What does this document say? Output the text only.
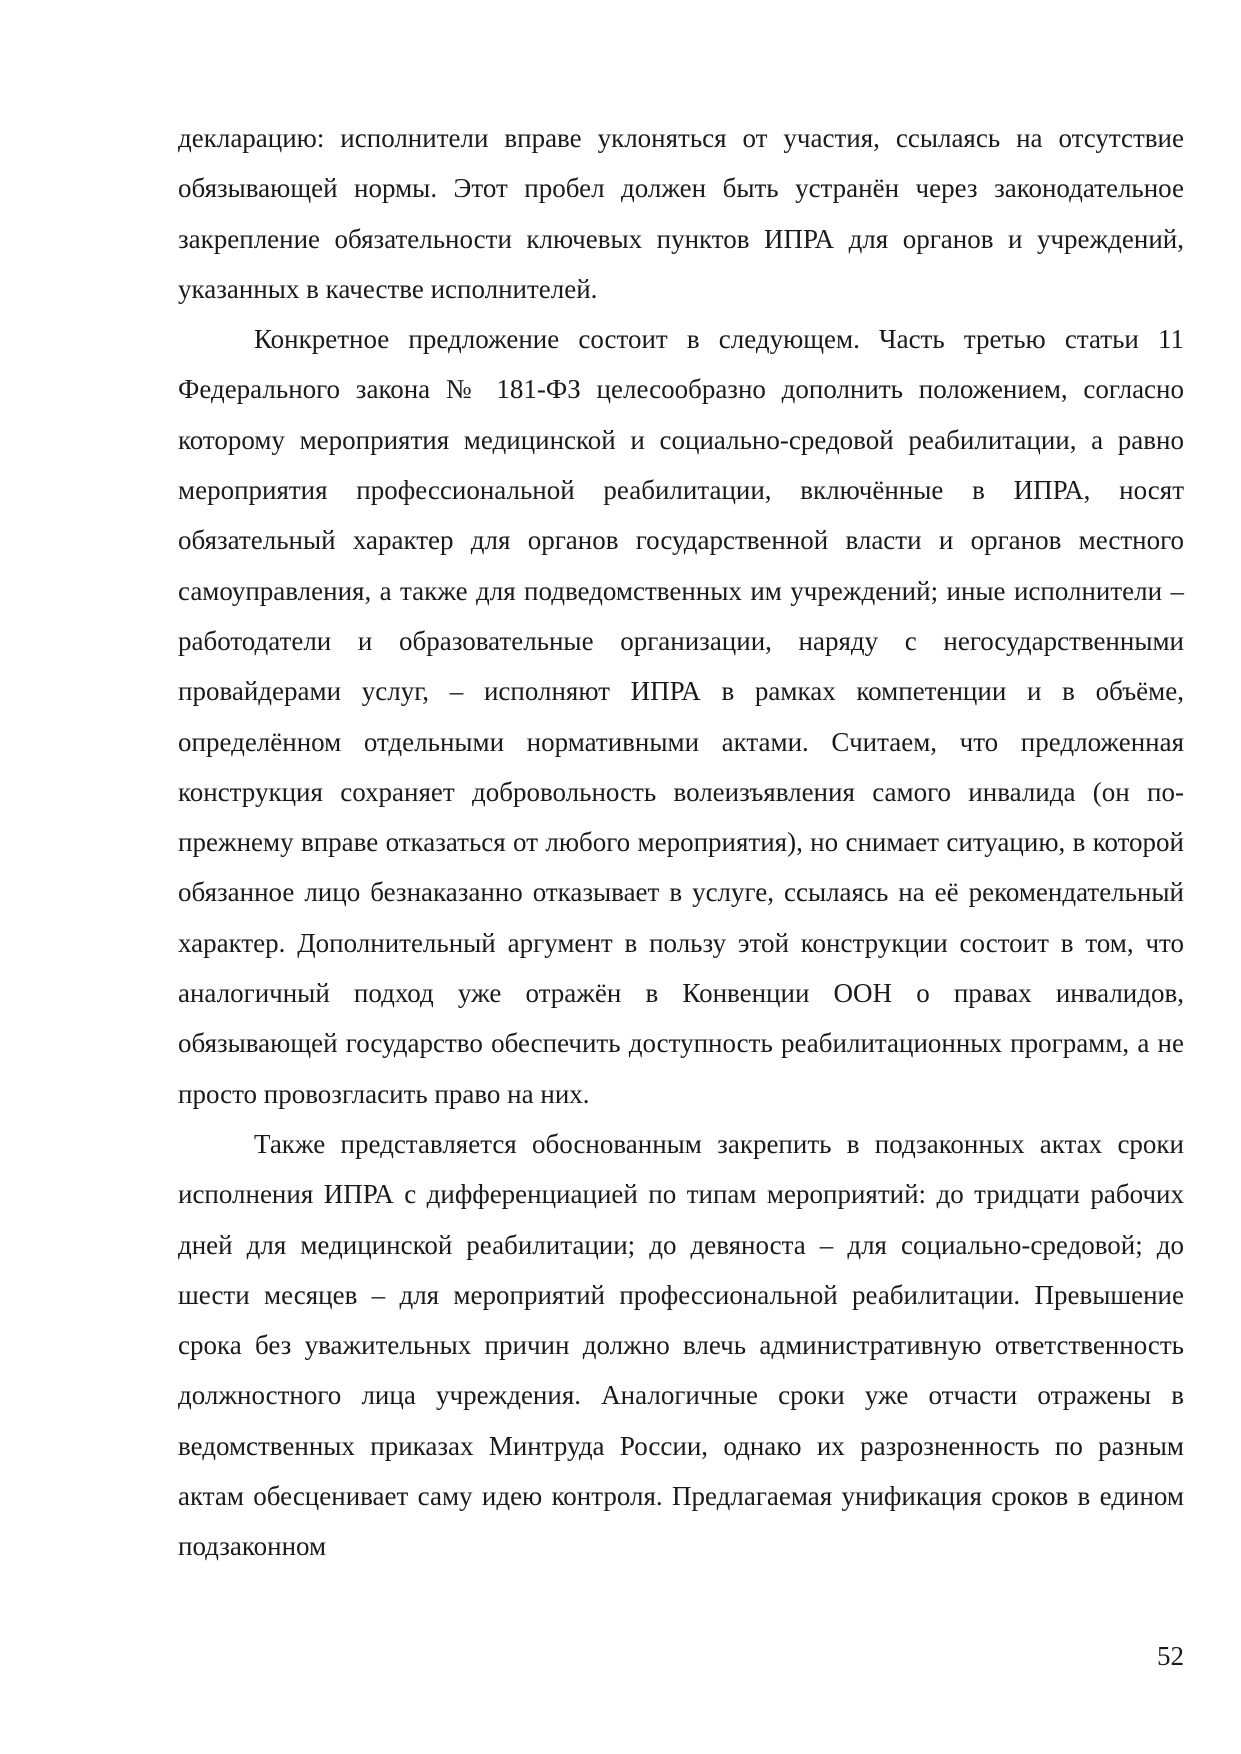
декларацию: исполнители вправе уклоняться от участия, ссылаясь на отсутствие обязывающей нормы. Этот пробел должен быть устранён через законодательное закрепление обязательности ключевых пунктов ИПРА для органов и учреждений, указанных в качестве исполнителей.

Конкретное предложение состоит в следующем. Часть третью статьи 11 Федерального закона № 181-ФЗ целесообразно дополнить положением, согласно которому мероприятия медицинской и социально-средовой реабилитации, а равно мероприятия профессиональной реабилитации, включённые в ИПРА, носят обязательный характер для органов государственной власти и органов местного самоуправления, а также для подведомственных им учреждений; иные исполнители – работодатели и образовательные организации, наряду с негосударственными провайдерами услуг, – исполняют ИПРА в рамках компетенции и в объёме, определённом отдельными нормативными актами. Считаем, что предложенная конструкция сохраняет добровольность волеизъявления самого инвалида (он по-прежнему вправе отказаться от любого мероприятия), но снимает ситуацию, в которой обязанное лицо безнаказанно отказывает в услуге, ссылаясь на её рекомендательный характер. Дополнительный аргумент в пользу этой конструкции состоит в том, что аналогичный подход уже отражён в Конвенции ООН о правах инвалидов, обязывающей государство обеспечить доступность реабилитационных программ, а не просто провозгласить право на них.

Также представляется обоснованным закрепить в подзаконных актах сроки исполнения ИПРА с дифференциацией по типам мероприятий: до тридцати рабочих дней для медицинской реабилитации; до девяноста – для социально-средовой; до шести месяцев – для мероприятий профессиональной реабилитации. Превышение срока без уважительных причин должно влечь административную ответственность должностного лица учреждения. Аналогичные сроки уже отчасти отражены в ведомственных приказах Минтруда России, однако их разрозненность по разным актам обесценивает саму идею контроля. Предлагаемая унификация сроков в едином подзаконном

52
